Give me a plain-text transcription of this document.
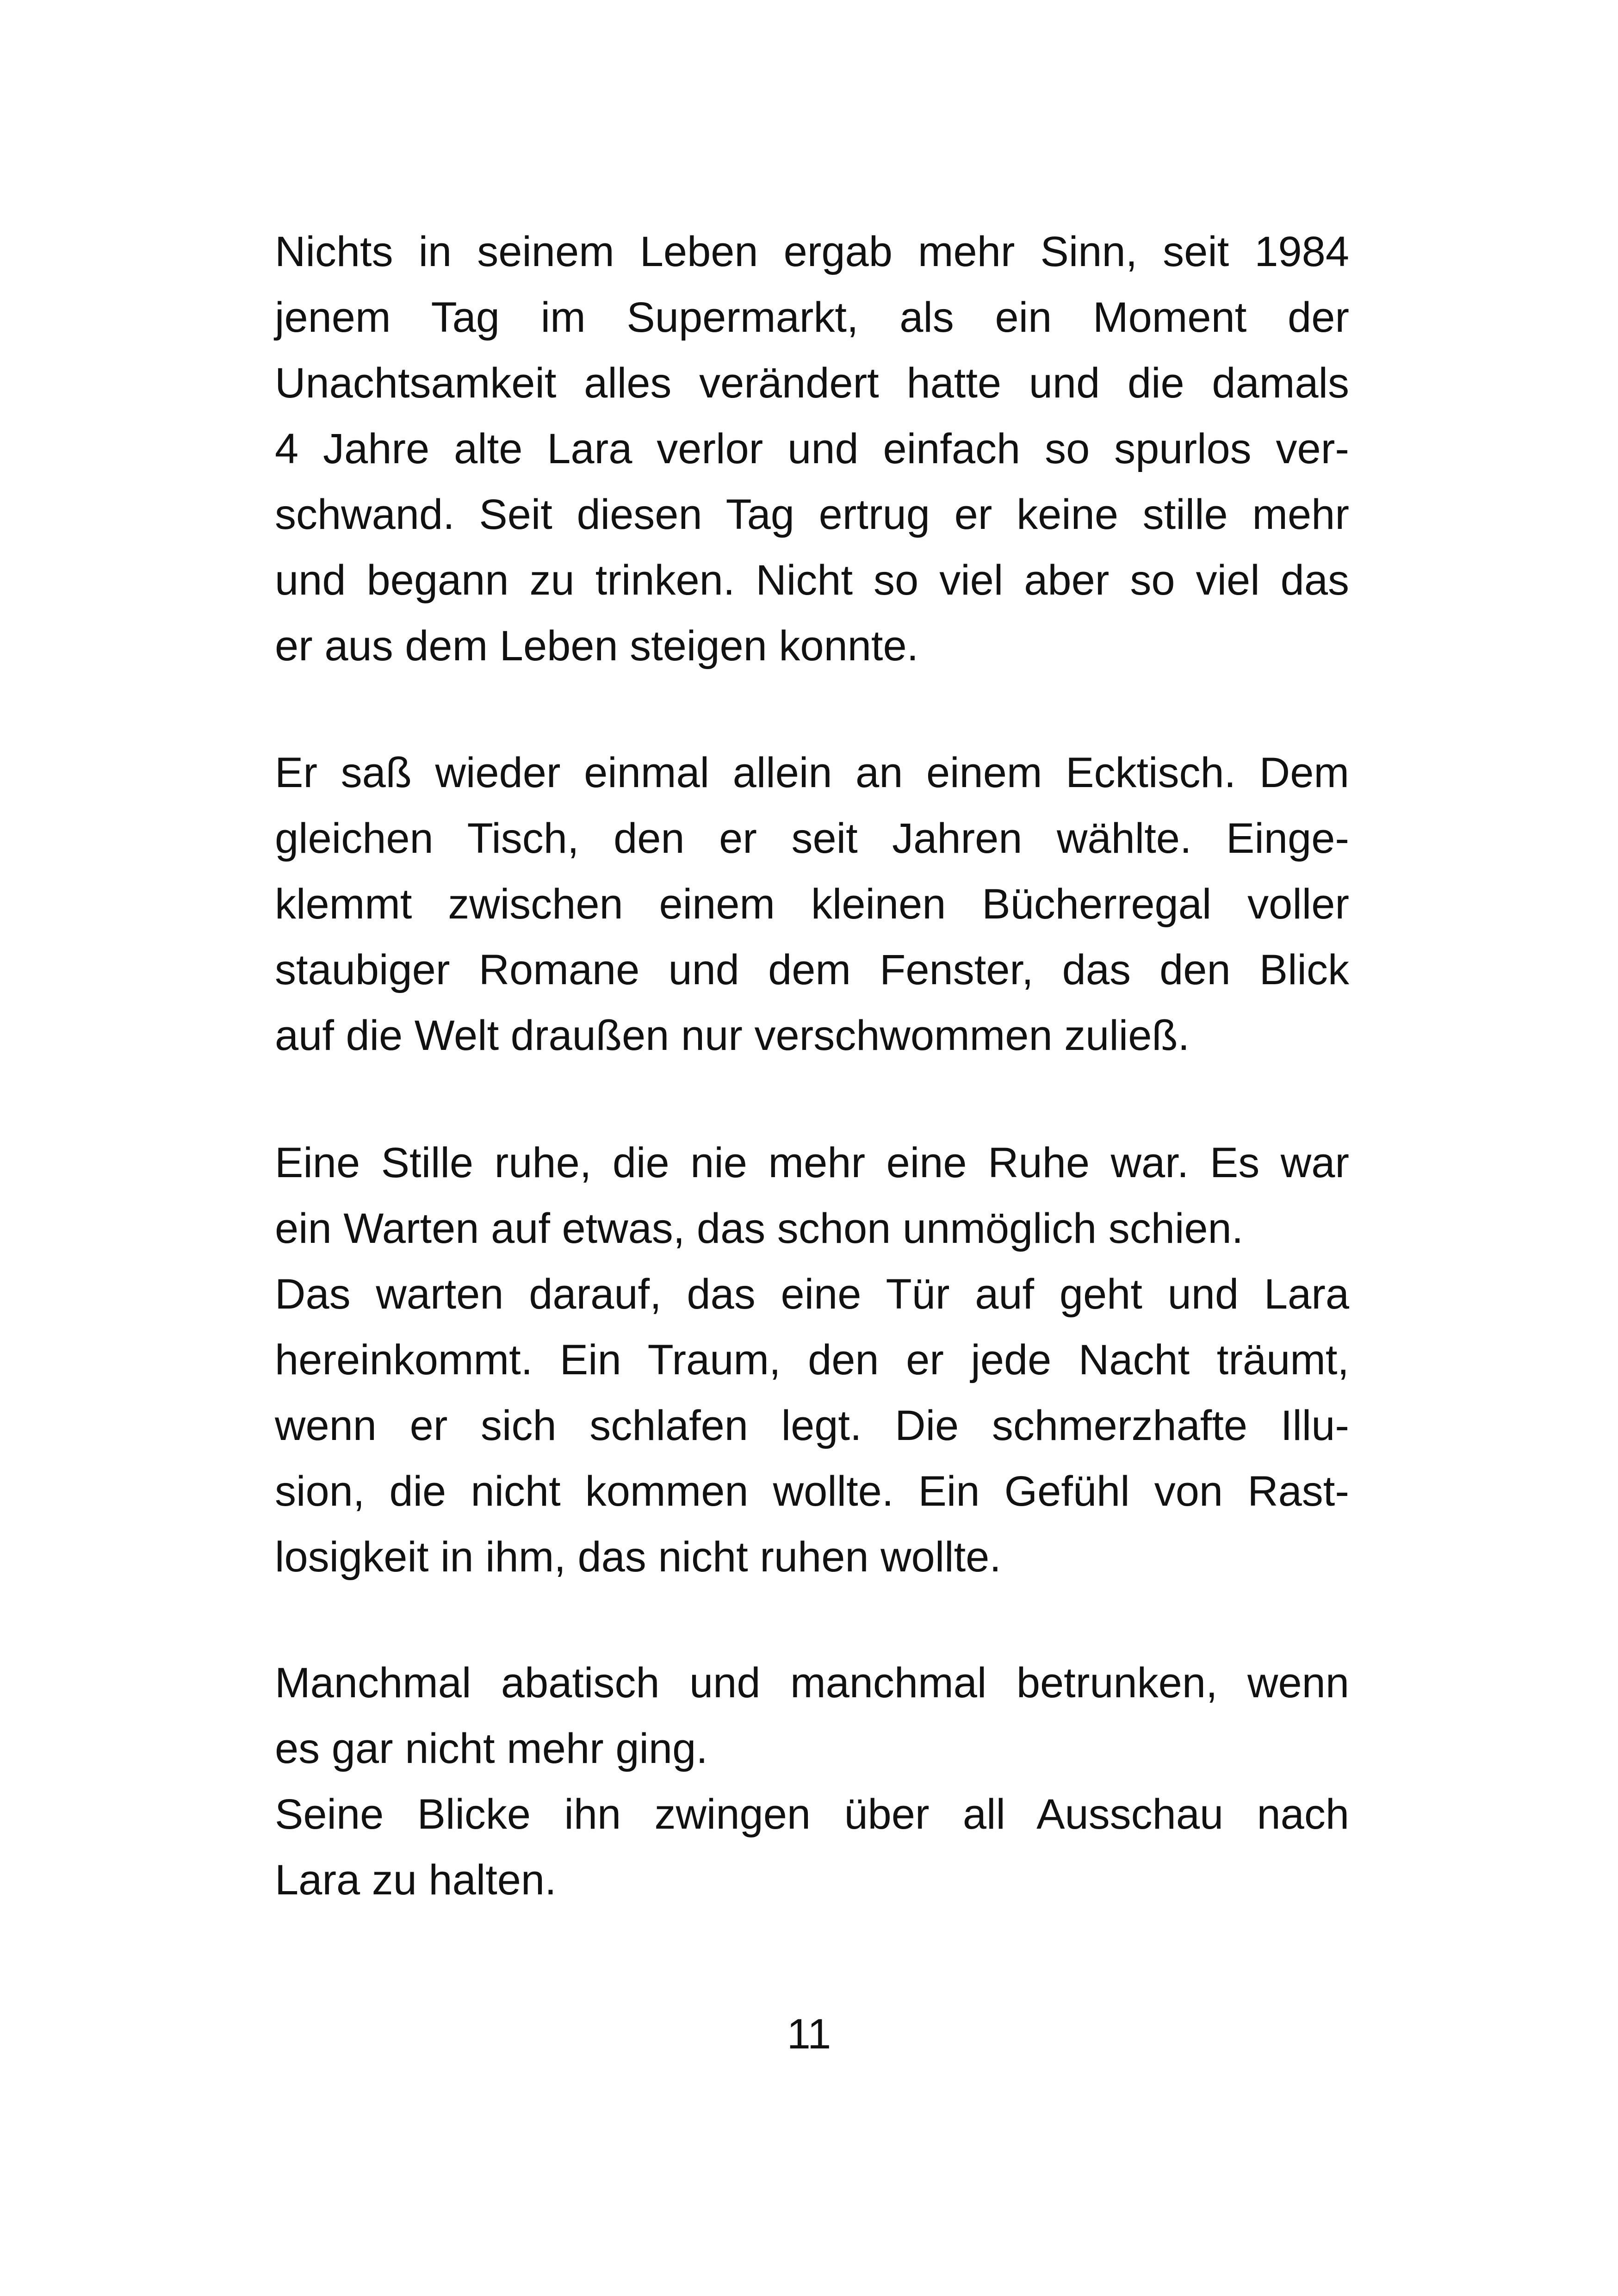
Nichts in seinem Leben ergab mehr Sinn, seit 1984
jenem Tag im Supermarkt, als ein Moment der
Unachtsamkeit alles verändert hatte und die damals
4 Jahre alte Lara verlor und einfach so spurlos ver-
schwand. Seit diesen Tag ertrug er keine stille mehr
und begann zu trinken. Nicht so viel aber so viel das
er aus dem Leben steigen konnte.
Er saß wieder einmal allein an einem Ecktisch. Dem
gleichen Tisch, den er seit Jahren wählte. Einge-
klemmt zwischen einem kleinen Bücherregal voller
staubiger Romane und dem Fenster, das den Blick
auf die Welt draußen nur verschwommen zuließ.
Eine Stille ruhe, die nie mehr eine Ruhe war. Es war
ein Warten auf etwas, das schon unmöglich schien.
Das warten darauf, das eine Tür auf geht und Lara
hereinkommt. Ein Traum, den er jede Nacht träumt,
wenn er sich schlafen legt. Die schmerzhafte Illu-
sion, die nicht kommen wollte. Ein Gefühl von Rast-
losigkeit in ihm, das nicht ruhen wollte.
Manchmal abatisch und manchmal betrunken, wenn
es gar nicht mehr ging.
Seine Blicke ihn zwingen über all Ausschau nach
Lara zu halten.
11
